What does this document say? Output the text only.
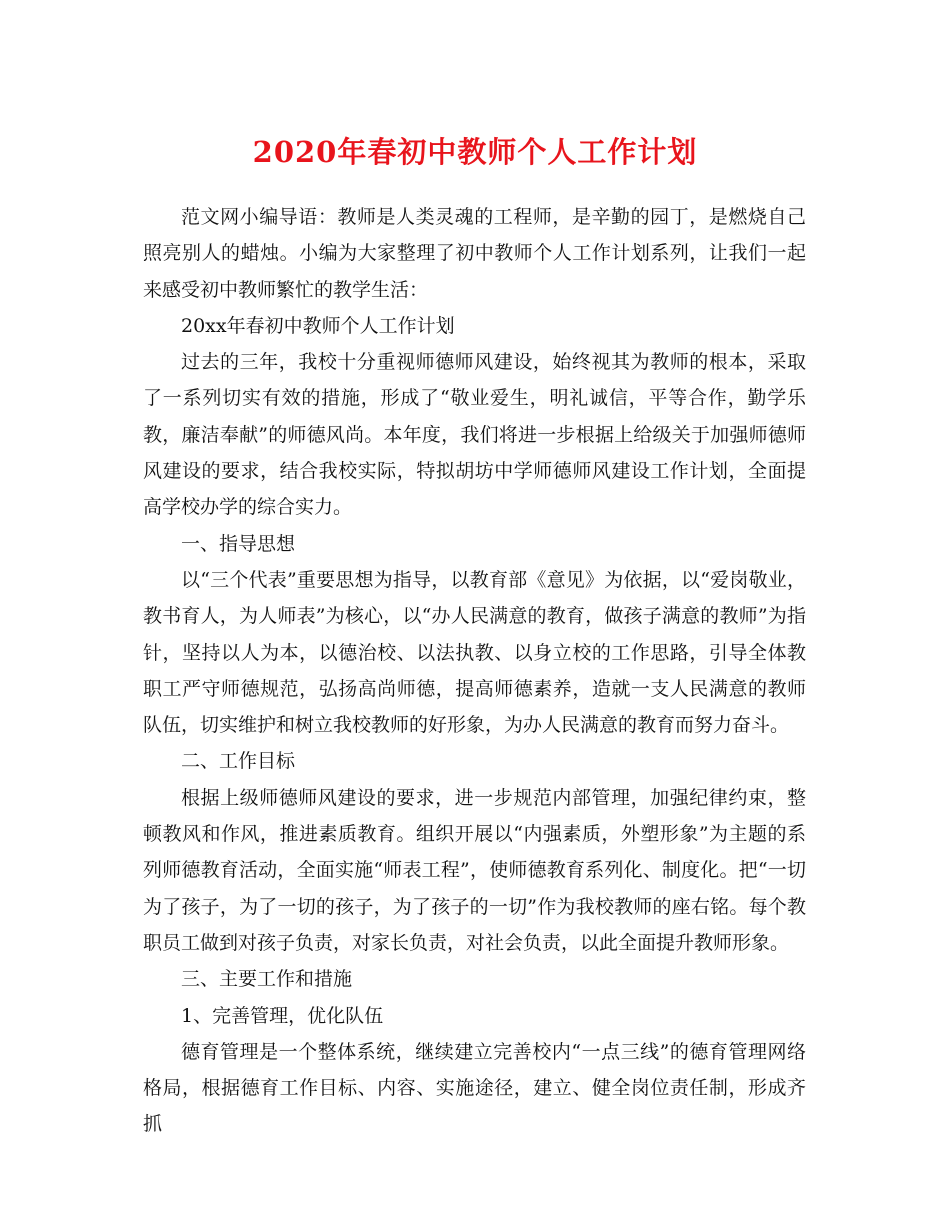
2020年春初中教师个人工作计划

范文网小编导语：教师是人类灵魂的工程师，是辛勤的园丁，是燃烧自己照亮别人的蜡烛。小编为大家整理了初中教师个人工作计划系列，让我们一起来感受初中教师繁忙的教学生活：

20xx年春初中教师个人工作计划

过去的三年，我校十分重视师德师风建设，始终视其为教师的根本，采取了一系列切实有效的措施，形成了“敬业爱生，明礼诚信，平等合作，勤学乐教，廉洁奉献”的师德风尚。本年度，我们将进一步根据上给级关于加强师德师风建设的要求，结合我校实际，特拟胡坊中学师德师风建设工作计划，全面提高学校办学的综合实力。

一、指导思想

以“三个代表”重要思想为指导，以教育部《意见》为依据，以“爱岗敬业，教书育人，为人师表”为核心，以“办人民满意的教育，做孩子满意的教师”为指针，坚持以人为本，以德治校、以法执教、以身立校的工作思路，引导全体教职工严守师德规范，弘扬高尚师德，提高师德素养，造就一支人民满意的教师队伍，切实维护和树立我校教师的好形象，为办人民满意的教育而努力奋斗。

二、工作目标

根据上级师德师风建设的要求，进一步规范内部管理，加强纪律约束，整顿教风和作风，推进素质教育。组织开展以“内强素质，外塑形象”为主题的系列师德教育活动，全面实施“师表工程”，使师德教育系列化、制度化。把“一切为了孩子，为了一切的孩子，为了孩子的一切”作为我校教师的座右铭。每个教职员工做到对孩子负责，对家长负责，对社会负责，以此全面提升教师形象。

三、主要工作和措施

1、完善管理，优化队伍

德育管理是一个整体系统，继续建立完善校内“一点三线”的德育管理网络格局，根据德育工作目标、内容、实施途径，建立、健全岗位责任制，形成齐抓
